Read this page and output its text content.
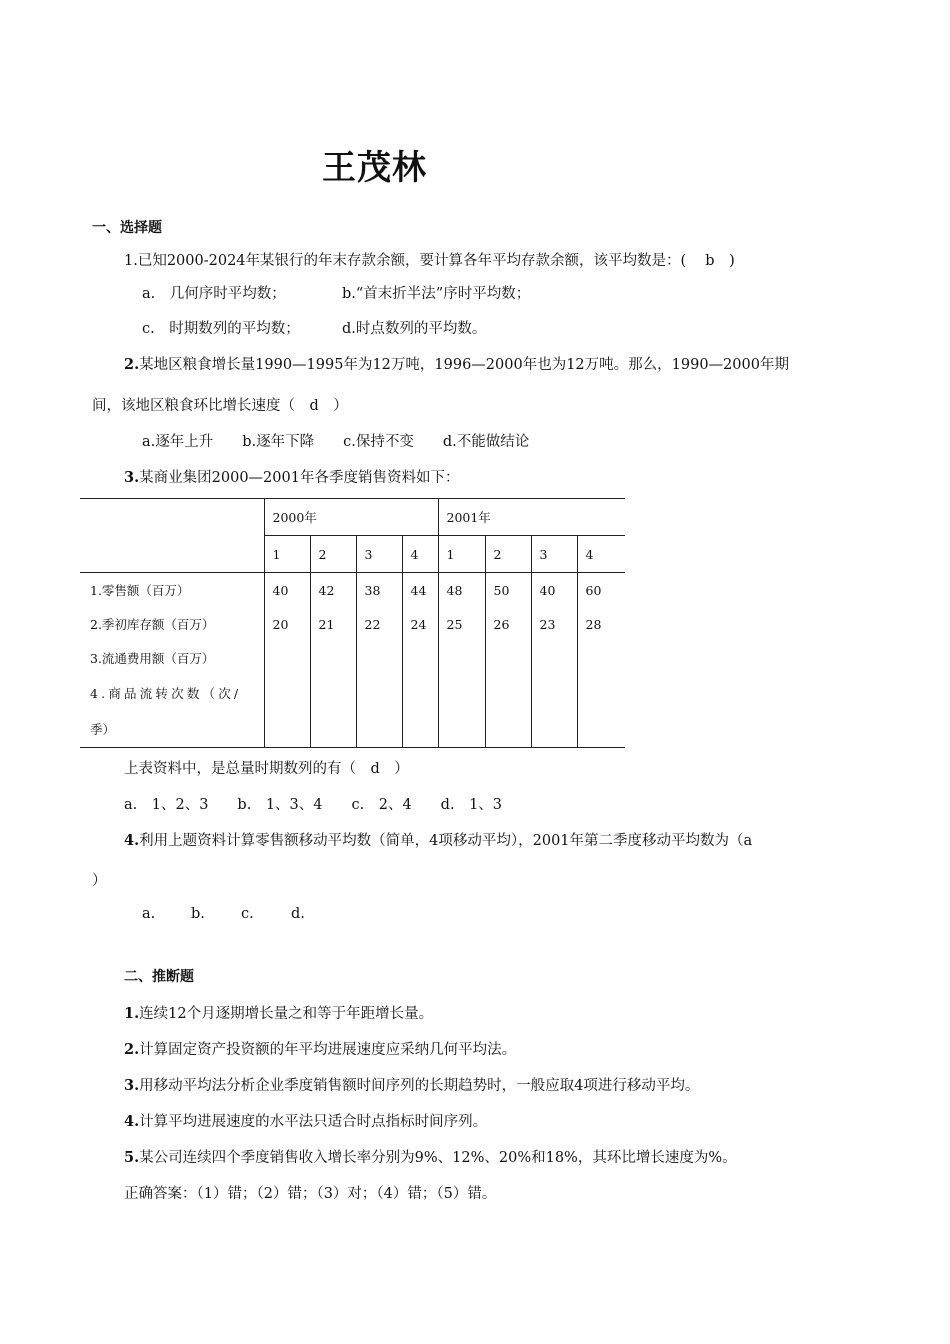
王茂林
一、选择题
1.已知2000-2024年某银行的年末存款余额，要计算各年平均存款余额，该平均数是：(　 b　)
a.　几何序时平均数；	b.“首末折半法”序时平均数；
c.　时期数列的平均数；	d.时点数列的平均数。
2.某地区粮食增长量1990—1995年为12万吨，1996—2000年也为12万吨。那么，1990—2000年期
间，该地区粮食环比增长速度（　d　）
a.逐年上升　　b.逐年下降　　c.保持不变　　d.不能做结论
3.某商业集团2000—2001年各季度销售资料如下：
	2000年				2001年			
	1	2	3	4	1	2	3	4
1.零售额（百万）	40	42	38	44	48	50	40	60
2.季初库存额（百万）	20	21	22	24	25	26	23	28
3.流通费用额（百万）								

4.商品流转次数（次/
季）								

上表资料中，是总量时期数列的有（　d　）
a.　1、2、3　　b.　1、3、4　　c.　2、4　　d.　1、3
4.利用上题资料计算零售额移动平均数（简单，4项移动平均），2001年第二季度移动平均数为（a
）
a. b. c.	d.
二、推断题
1.连续12个月逐期增长量之和等于年距增长量。
2.计算固定资产投资额的年平均进展速度应采纳几何平均法。
3.用移动平均法分析企业季度销售额时间序列的长期趋势时，一般应取4项进行移动平均。
4.计算平均进展速度的水平法只适合时点指标时间序列。
5.某公司连续四个季度销售收入增长率分别为9%、12%、20%和18%，其环比增长速度为%。
正确答案：（1）错；（2）错；（3）对；（4）错；（5）错。
